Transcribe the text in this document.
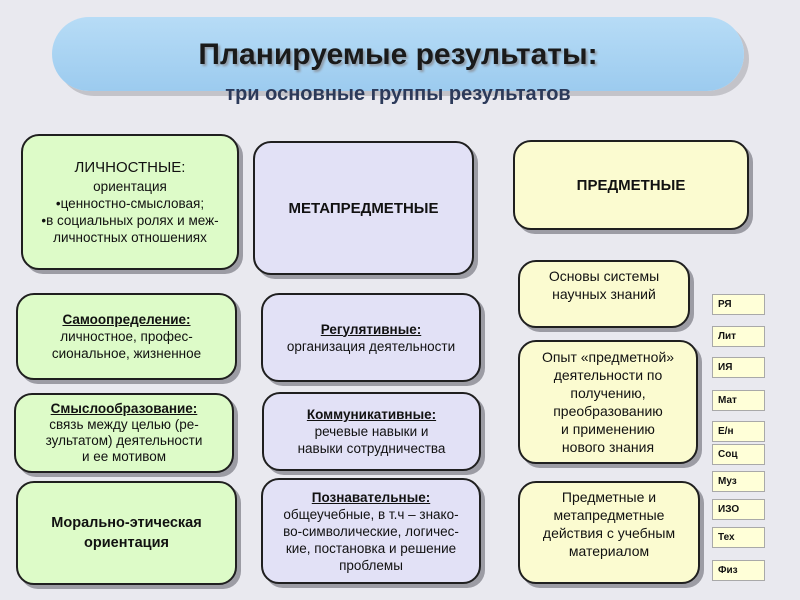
Планируемые результаты:
три основные группы результатов
ЛИЧНОСТНЫЕ:
ориентация
•ценностно-смысловая;
•в социальных ролях и меж-
личностных отношениях
Самоопределение:
личностное, профес-
сиональное, жизненное
Смыслообразование:
связь между целью (ре-
зультатом) деятельности
и ее мотивом
Морально-этическая
ориентация
МЕТАПРЕДМЕТНЫЕ
Регулятивные:
организация деятельности
Коммуникативные:
речевые навыки и
навыки сотрудничества
Познавательные:
общеучебные, в т.ч – знако-
во-символические, логичес-
кие, постановка и решение
проблемы
ПРЕДМЕТНЫЕ
Основы системы
научных знаний
Опыт «предметной»
деятельности по
получению,
преобразованию
и применению
нового знания
Предметные и
метапредметные
действия с учебным
материалом
РЯ
Лит
ИЯ
Мат
Е/н
Соц
Муз
ИЗО
Тех
Физ
